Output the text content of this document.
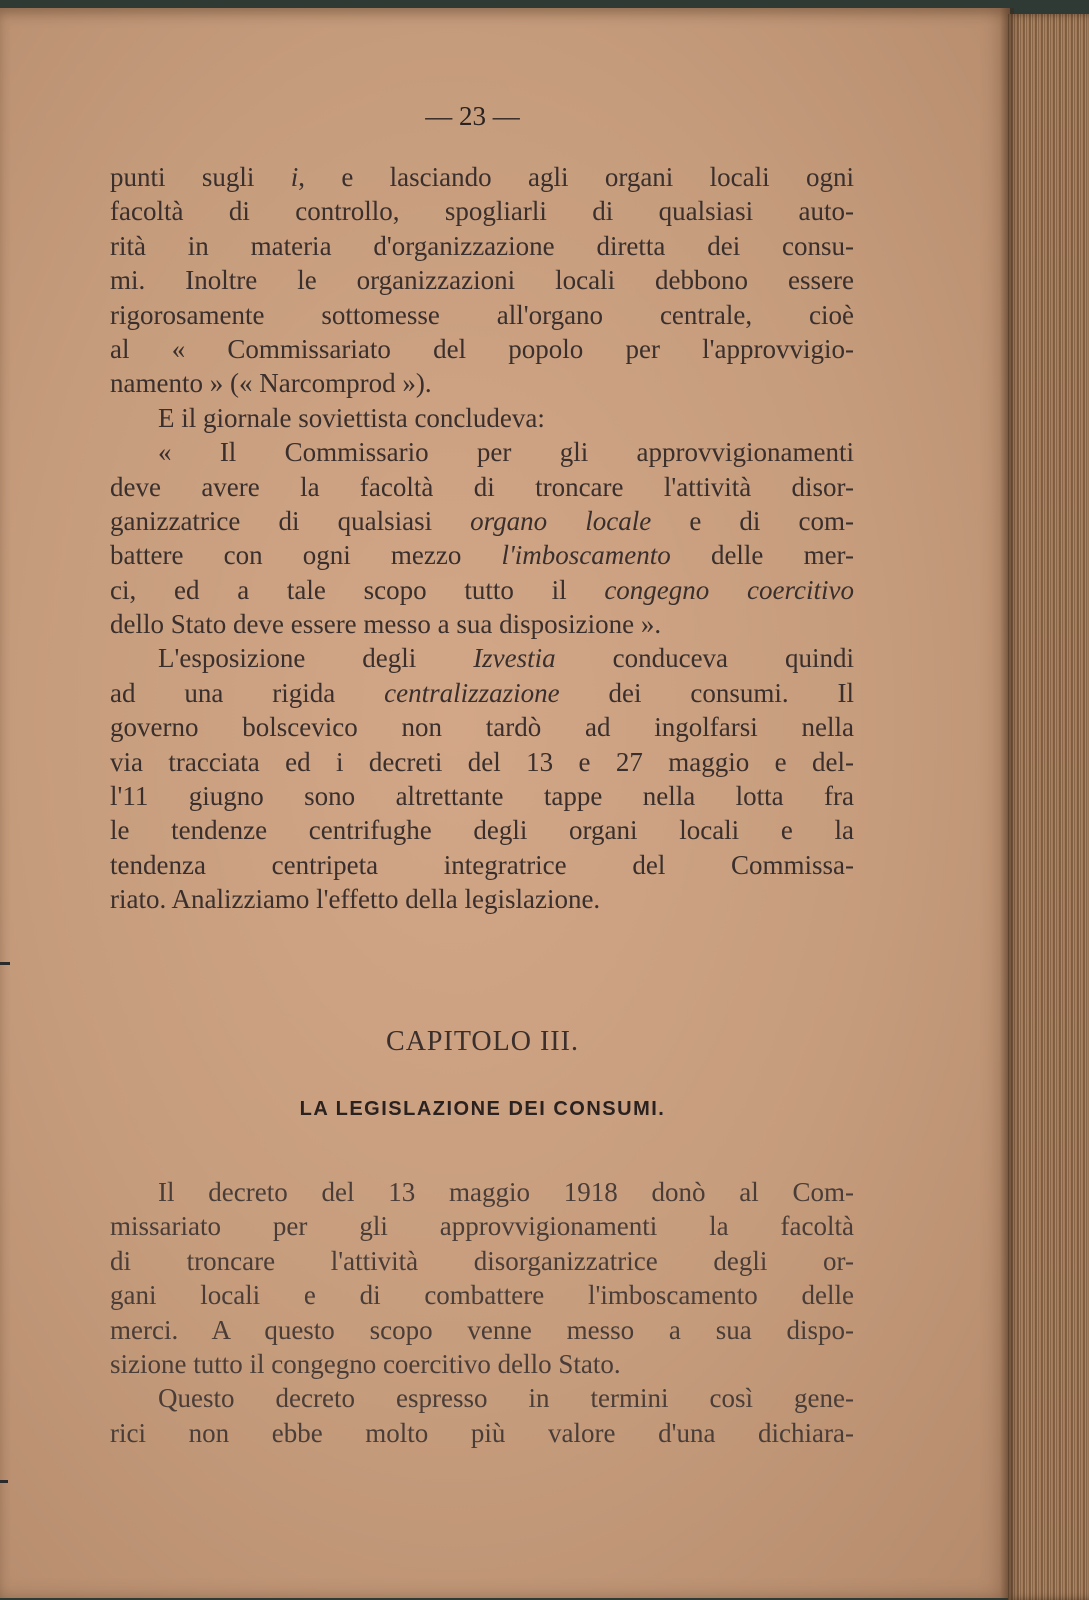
— 23 —
punti sugli i, e lasciando agli organi locali ogni
facoltà di controllo, spogliarli di qualsiasi auto-
rità in materia d'organizzazione diretta dei consu-
mi. Inoltre le organizzazioni locali debbono essere
rigorosamente sottomesse all'organo centrale, cioè
al « Commissariato del popolo per l'approvvigio-
namento » (« Narcomprod »).
E il giornale soviettista concludeva:
« Il Commissario per gli approvvigionamenti
deve avere la facoltà di troncare l'attività disor-
ganizzatrice di qualsiasi organo locale e di com-
battere con ogni mezzo l'imboscamento delle mer-
ci, ed a tale scopo tutto il congegno coercitivo
dello Stato deve essere messo a sua disposizione ».
L'esposizione degli Izvestia conduceva quindi
ad una rigida centralizzazione dei consumi. Il
governo bolscevico non tardò ad ingolfarsi nella
via tracciata ed i decreti del 13 e 27 maggio e del-
l'11 giugno sono altrettante tappe nella lotta fra
le tendenze centrifughe degli organi locali e la
tendenza centripeta integratrice del Commissa-
riato. Analizziamo l'effetto della legislazione.
CAPITOLO III.
LA LEGISLAZIONE DEI CONSUMI.
Il decreto del 13 maggio 1918 donò al Com-
missariato per gli approvvigionamenti la facoltà
di troncare l'attività disorganizzatrice degli or-
gani locali e di combattere l'imboscamento delle
merci. A questo scopo venne messo a sua dispo-
sizione tutto il congegno coercitivo dello Stato.
Questo decreto espresso in termini così gene-
rici non ebbe molto più valore d'una dichiara-
